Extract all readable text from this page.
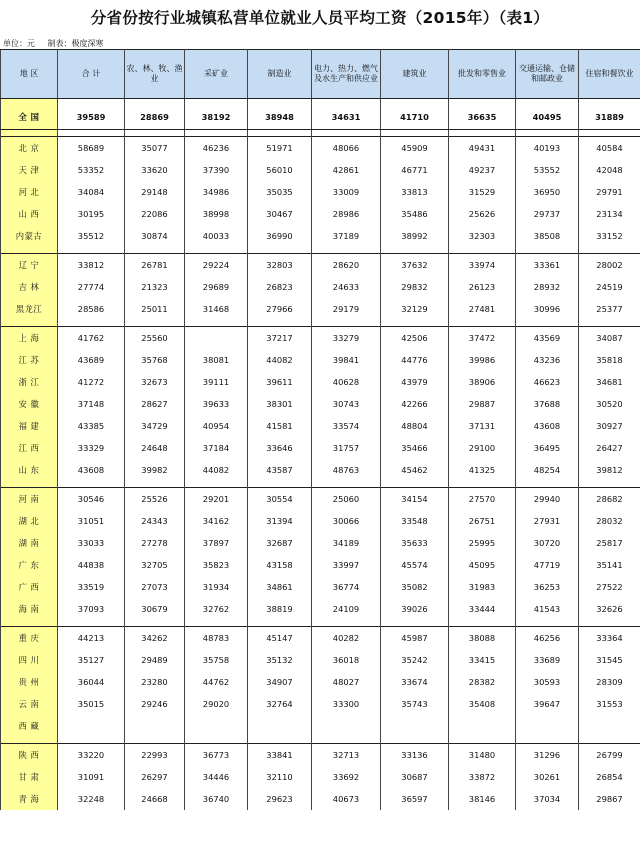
分省份按行业城镇私营单位就业人员平均工资（2015年）（表1）
单位：元 制表：极度深寒
地 区	合 计	农、林、牧、渔业	采矿业	制造业	电力、热力、燃气及水生产和供应业	建筑业	批发和零售业	交通运输、仓储和邮政业	住宿和餐饮业

全 国	39589	28869	38192	38948	34631	41710	36635	40495	31889

北 京	58689	35077	46236	51971	48066	45909	49431	40193	40584
天 津	53352	33620	37390	56010	42861	46771	49237	53552	42048
河 北	34084	29148	34986	35035	33009	33813	31529	36950	29791
山 西	30195	22086	38998	30467	28986	35486	25626	29737	23134
内蒙古	35512	30874	40033	36990	37189	38992	32303	38508	33152

辽 宁	33812	26781	29224	32803	28620	37632	33974	33361	28002
吉 林	27774	21323	29689	26823	24633	29832	26123	28932	24519
黑龙江	28586	25011	31468	27966	29179	32129	27481	30996	25377

上 海	41762	25560		37217	33279	42506	37472	43569	34087
江 苏	43689	35768	38081	44082	39841	44776	39986	43236	35818
浙 江	41272	32673	39111	39611	40628	43979	38906	46623	34681
安 徽	37148	28627	39633	38301	30743	42266	29887	37688	30520
福 建	43385	34729	40954	41581	33574	48804	37131	43608	30927
江 西	33329	24648	37184	33646	31757	35466	29100	36495	26427
山 东	43608	39982	44082	43587	48763	45462	41325	48254	39812

河 南	30546	25526	29201	30554	25060	34154	27570	29940	28682
湖 北	31051	24343	34162	31394	30066	33548	26751	27931	28032
湖 南	33033	27278	37897	32687	34189	35633	25995	30720	25817
广 东	44838	32705	35823	43158	33997	45574	45095	47719	35141
广 西	33519	27073	31934	34861	36774	35082	31983	36253	27522
海 南	37093	30679	32762	38819	24109	39026	33444	41543	32626

重 庆	44213	34262	48783	45147	40282	45987	38088	46256	33364
四 川	35127	29489	35758	35132	36018	35242	33415	33689	31545
贵 州	36044	23280	44762	34907	48027	33674	28382	30593	28309
云 南	35015	29246	29020	32764	33300	35743	35408	39647	31553
西 藏									

陕 西	33220	22993	36773	33841	32713	33136	31480	31296	26799
甘 肃	31091	26297	34446	32110	33692	30687	33872	30261	26854
青 海	32248	24668	36740	29623	40673	36597	38146	37034	29867
